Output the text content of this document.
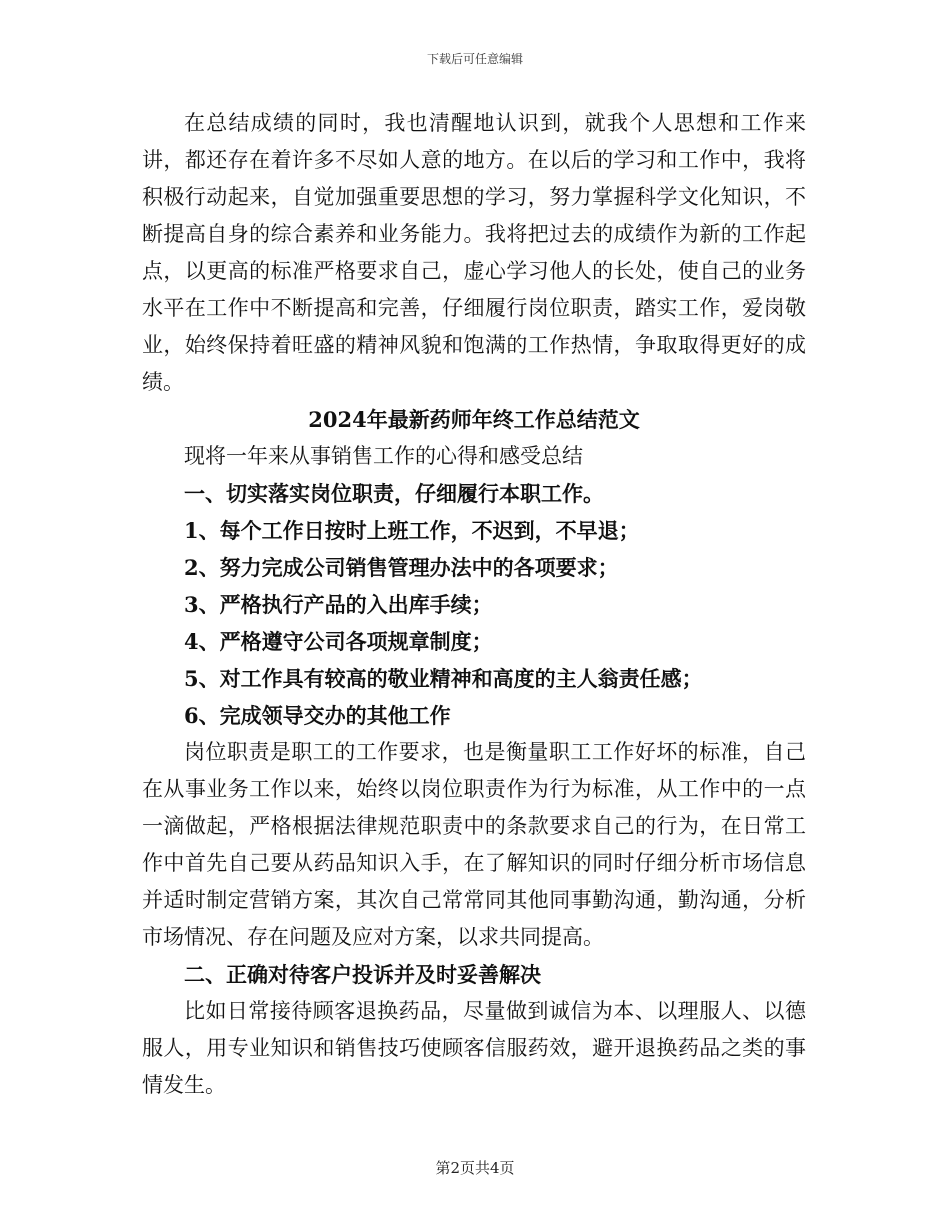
下载后可任意编辑

在总结成绩的同时，我也清醒地认识到，就我个人思想和工作来讲，都还存在着许多不尽如人意的地方。在以后的学习和工作中，我将积极行动起来，自觉加强重要思想的学习，努力掌握科学文化知识，不断提高自身的综合素养和业务能力。我将把过去的成绩作为新的工作起点，以更高的标准严格要求自己，虚心学习他人的长处，使自己的业务水平在工作中不断提高和完善，仔细履行岗位职责，踏实工作，爱岗敬业，始终保持着旺盛的精神风貌和饱满的工作热情，争取取得更好的成绩。

2024年最新药师年终工作总结范文

现将一年来从事销售工作的心得和感受总结

一、切实落实岗位职责，仔细履行本职工作。

1、每个工作日按时上班工作，不迟到，不早退；

2、努力完成公司销售管理办法中的各项要求；

3、严格执行产品的入出库手续；

4、严格遵守公司各项规章制度；

5、对工作具有较高的敬业精神和高度的主人翁责任感；

6、完成领导交办的其他工作

岗位职责是职工的工作要求，也是衡量职工工作好坏的标准，自己在从事业务工作以来，始终以岗位职责作为行为标准，从工作中的一点一滴做起，严格根据法律规范职责中的条款要求自己的行为，在日常工作中首先自己要从药品知识入手，在了解知识的同时仔细分析市场信息并适时制定营销方案，其次自己常常同其他同事勤沟通，勤沟通，分析市场情况、存在问题及应对方案，以求共同提高。

二、正确对待客户投诉并及时妥善解决

比如日常接待顾客退换药品，尽量做到诚信为本、以理服人、以德服人，用专业知识和销售技巧使顾客信服药效，避开退换药品之类的事情发生。

第2页共4页
